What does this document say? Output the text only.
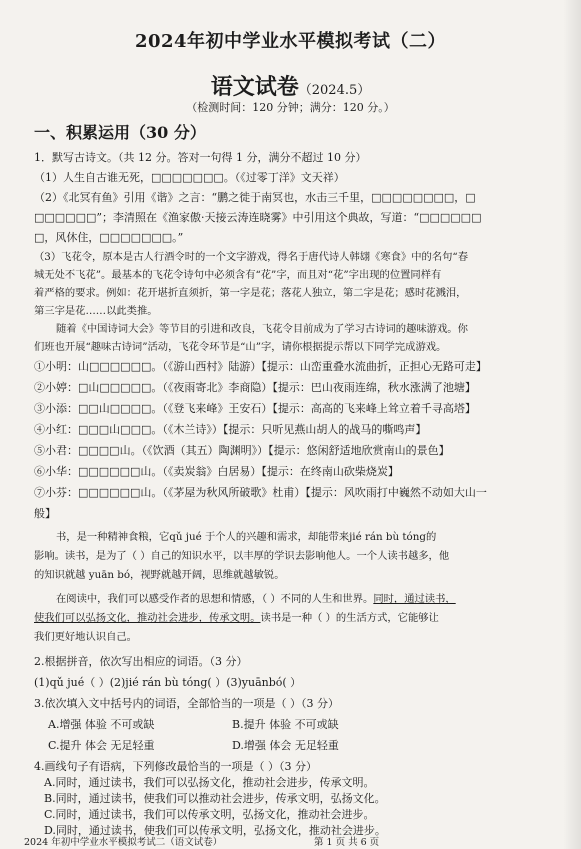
2024年初中学业水平模拟考试（二）
语文试卷（2024.5）
（检测时间：120 分钟；满分：120 分。）
一、积累运用（30 分）
1．默写古诗文。（共 12 分。答对一句得 1 分，满分不超过 10 分）
（1）人生自古谁无死，□□□□□□□。（《过零丁洋》文天祥）
（2）《北冥有鱼》引用《谐》之言：“鹏之徙于南冥也，水击三千里，□□□□□□□□，□
□□□□□□”；李清照在《渔家傲·天接云涛连晓雾》中引用这个典故，写道：“□□□□□□
□，风休住，□□□□□□□。”
（3）飞花令，原本是古人行酒令时的一个文字游戏，得名于唐代诗人韩翃《寒食》中的名句“春
城无处不飞花”。最基本的飞花令诗句中必须含有“花”字，而且对“花”字出现的位置同样有
着严格的要求。例如：花开堪折直须折，第一字是花；落花人独立，第二字是花；感时花溅泪，
第三字是花……以此类推。
随着《中国诗词大会》等节目的引进和改良，飞花令目前成为了学习古诗词的趣味游戏。你
们班也开展“趣味古诗词”活动，飞花令环节是“山”字，请你根据提示帮以下同学完成游戏。
①小明：山□□□□□□。（《游山西村》陆游）【提示：山峦重叠水流曲折，正担心无路可走】
②小婷：□山□□□□□。（《夜雨寄北》李商隐）【提示：巴山夜雨连绵，秋水涨满了池塘】
③小添：□□山□□□□。（《登飞来峰》王安石）【提示：高高的飞来峰上耸立着千寻高塔】
④小红：□□□山□□□。（《木兰诗》）【提示：只听见燕山胡人的战马的嘶鸣声】
⑤小君：□□□□山。（《饮酒（其五）陶渊明》）【提示：悠闲舒适地欣赏南山的景色】
⑥小华：□□□□□□山。（《卖炭翁》白居易）【提示：在终南山砍柴烧炭】
⑦小芬：□□□□□□山。（《茅屋为秋风所破歌》杜甫）【提示：风吹雨打中巍然不动如大山一
般】
书，是一种精神食粮，它qǔ jué 于个人的兴趣和需求，却能带来jié rán bù tóng的
影响。读书，是为了（ ）自己的知识水平，以丰厚的学识去影响他人。一个人读书越多，他
的知识就越 yuān bó，视野就越开阔，思维就越敏锐。
在阅读中，我们可以感受作者的思想和情感，（ ）不同的人生和世界。同时，通过读书，
使我们可以弘扬文化，推动社会进步，传承文明。读书是一种（ ）的生活方式，它能够让
我们更好地认识自己。
2.根据拼音，依次写出相应的词语。（3 分）
(1)qǔ jué（ ）(2)jié rán bù tóng( ）(3)yuānbó( ）
3.依次填入文中括号内的词语，全部恰当的一项是（ ）（3 分）
A.增强 体验 不可或缺	B.提升 体验 不可或缺
C.提升 体会 无足轻重	D.增强 体会 无足轻重
4.画线句子有语病，下列修改最恰当的一项是（ ）（3 分）
A.同时，通过读书，我们可以弘扬文化，推动社会进步，传承文明。
2024 年初中学业水平模拟考试二（语文试卷）	第 1 页 共 6 页
B.同时，通过读书，使我们可以推动社会进步，传承文明，弘扬文化。
C.同时，通过读书，我们可以传承文明，弘扬文化，推动社会进步。
D.同时，通过读书，使我们可以传承文明，弘扬文化，推动社会进步。
